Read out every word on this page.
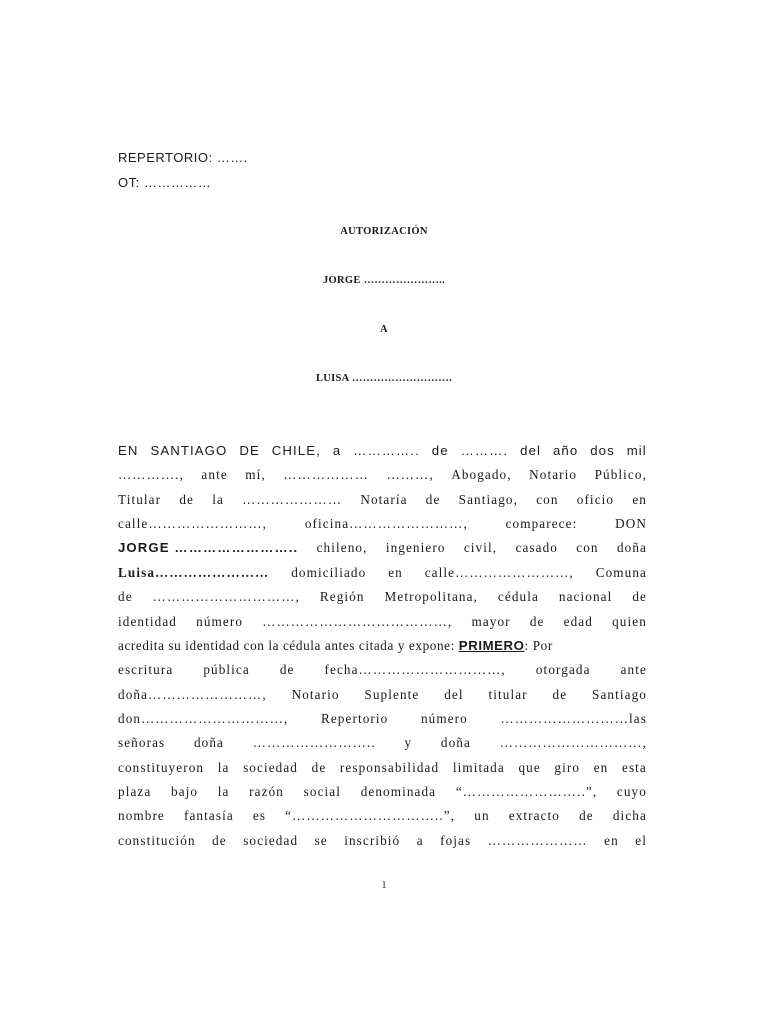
REPERTORIO: …….
OT: ……………
AUTORIZACIÓN
JORGE …………………..
A
LUISA ……………………….
EN SANTIAGO DE CHILE, a ………….. de ………. del año dos mil
…………., ante mí, ……………… ………, Abogado, Notario Público,
Titular de la ………………… Notaría de Santiago, con oficio en
calle……………………,	oficina……………………,	comparece:	DON
JORGE …………………….. chileno, ingeniero civil, casado con doña
Luisa…………………… domiciliado en calle……………………, Comuna
de …………………………, Región Metropolitana, cédula nacional de
identidad número …………………………………, mayor de edad quien
acredita su identidad con la cédula antes citada y expone: PRIMERO: Por
escritura pública de fecha…………………………, otorgada ante
doña……………………, Notario Suplente del titular de Santiago
don…………………………, Repertorio número ………………………las
señoras doña …………………….. y doña …………………………,
constituyeron la sociedad de responsabilidad limitada que giro en esta
plaza bajo la razón social denominada “……………………..”, cuyo
nombre fantasía es “…………………………..”, un extracto de dicha
constitución de sociedad se inscribió a fojas ………………… en el
1
